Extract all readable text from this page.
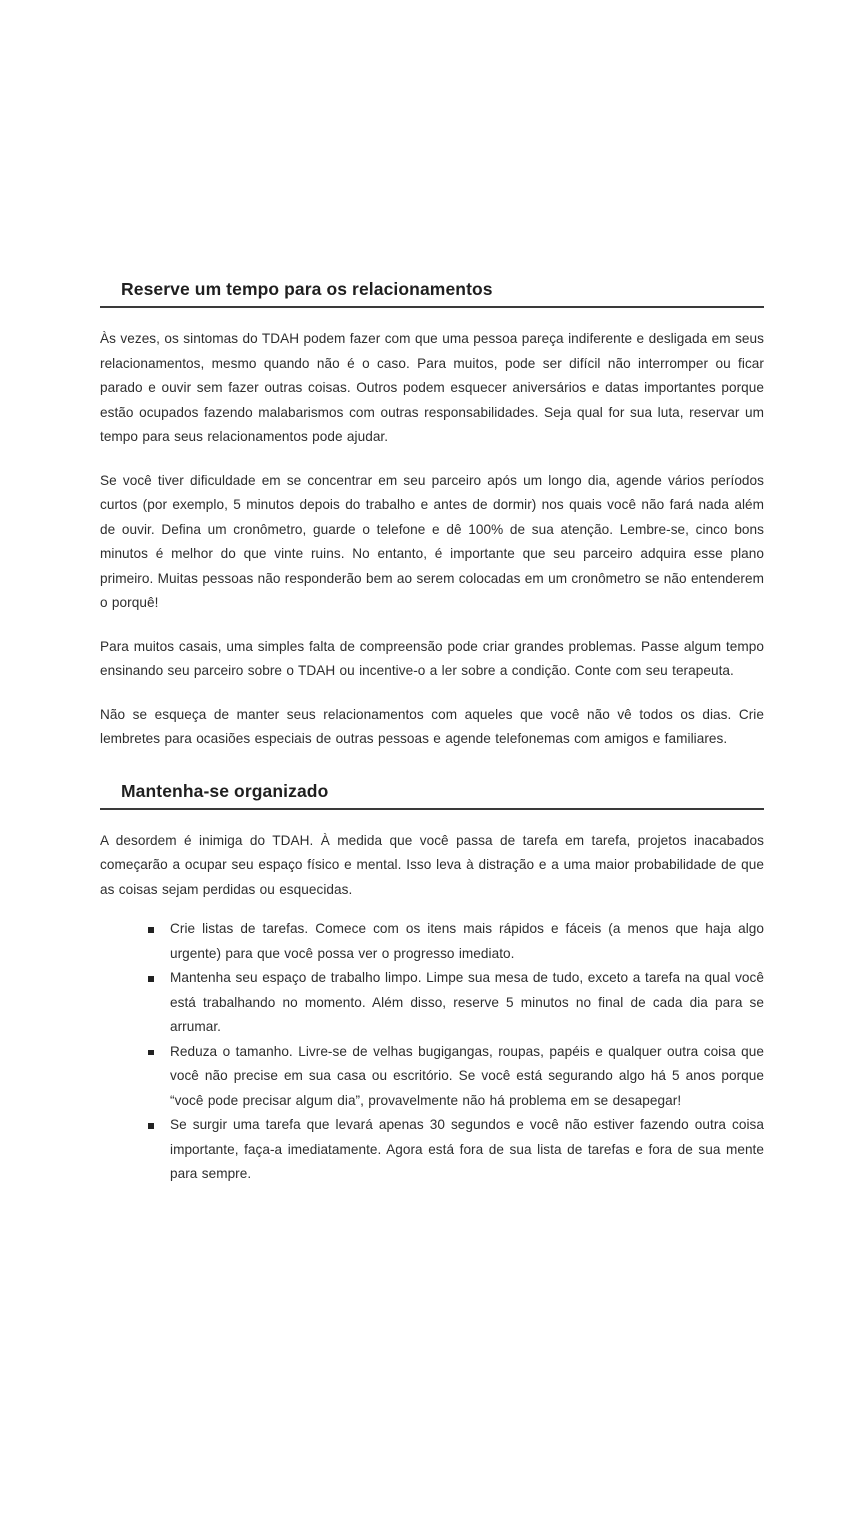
Reserve um tempo para os relacionamentos

Às vezes, os sintomas do TDAH podem fazer com que uma pessoa pareça indiferente e desligada em seus relacionamentos, mesmo quando não é o caso. Para muitos, pode ser difícil não interromper ou ficar parado e ouvir sem fazer outras coisas. Outros podem esquecer aniversários e datas importantes porque estão ocupados fazendo malabarismos com outras responsabilidades. Seja qual for sua luta, reservar um tempo para seus relacionamentos pode ajudar.

Se você tiver dificuldade em se concentrar em seu parceiro após um longo dia, agende vários períodos curtos (por exemplo, 5 minutos depois do trabalho e antes de dormir) nos quais você não fará nada além de ouvir. Defina um cronômetro, guarde o telefone e dê 100% de sua atenção. Lembre-se, cinco bons minutos é melhor do que vinte ruins. No entanto, é importante que seu parceiro adquira esse plano primeiro. Muitas pessoas não responderão bem ao serem colocadas em um cronômetro se não entenderem o porquê!

Para muitos casais, uma simples falta de compreensão pode criar grandes problemas. Passe algum tempo ensinando seu parceiro sobre o TDAH ou incentive-o a ler sobre a condição. Conte com seu terapeuta.

Não se esqueça de manter seus relacionamentos com aqueles que você não vê todos os dias. Crie lembretes para ocasiões especiais de outras pessoas e agende telefonemas com amigos e familiares.

Mantenha-se organizado

A desordem é inimiga do TDAH. À medida que você passa de tarefa em tarefa, projetos inacabados começarão a ocupar seu espaço físico e mental. Isso leva à distração e a uma maior probabilidade de que as coisas sejam perdidas ou esquecidas.

Crie listas de tarefas. Comece com os itens mais rápidos e fáceis (a menos que haja algo urgente) para que você possa ver o progresso imediato.
Mantenha seu espaço de trabalho limpo. Limpe sua mesa de tudo, exceto a tarefa na qual você está trabalhando no momento. Além disso, reserve 5 minutos no final de cada dia para se arrumar.
Reduza o tamanho. Livre-se de velhas bugigangas, roupas, papéis e qualquer outra coisa que você não precise em sua casa ou escritório. Se você está segurando algo há 5 anos porque “você pode precisar algum dia”, provavelmente não há problema em se desapegar!
Se surgir uma tarefa que levará apenas 30 segundos e você não estiver fazendo outra coisa importante, faça-a imediatamente. Agora está fora de sua lista de tarefas e fora de sua mente para sempre.
